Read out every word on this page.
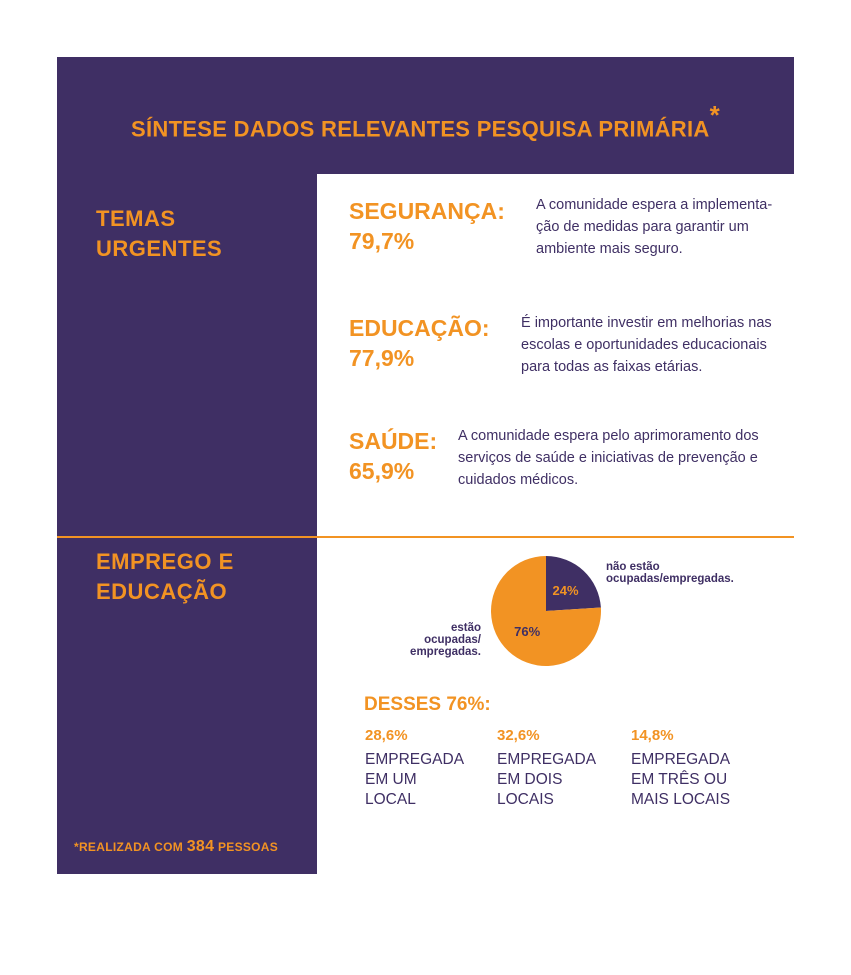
SÍNTESE DADOS RELEVANTES PESQUISA PRIMÁRIA*
TEMAS
URGENTES
EMPREGO E
EDUCAÇÃO
*REALIZADA COM 384 PESSOAS
SEGURANÇA:
79,7%
A comunidade espera a implementa-
ção de medidas para garantir um
ambiente mais seguro.
EDUCAÇÃO:
77,9%
É importante investir em melhorias nas
escolas e oportunidades educacionais
para todas as faixas etárias.
SAÚDE:
65,9%
A comunidade espera pelo aprimoramento dos
serviços de saúde e iniciativas de prevenção e
cuidados médicos.
24%
76%
não estão
ocupadas/empregadas.
estão
ocupadas/
empregadas.
DESSES 76%:
28,6%
EMPREGADA
EM UM
LOCAL
32,6%
EMPREGADA
EM DOIS
LOCAIS
14,8%
EMPREGADA
EM TRÊS OU
MAIS LOCAIS
